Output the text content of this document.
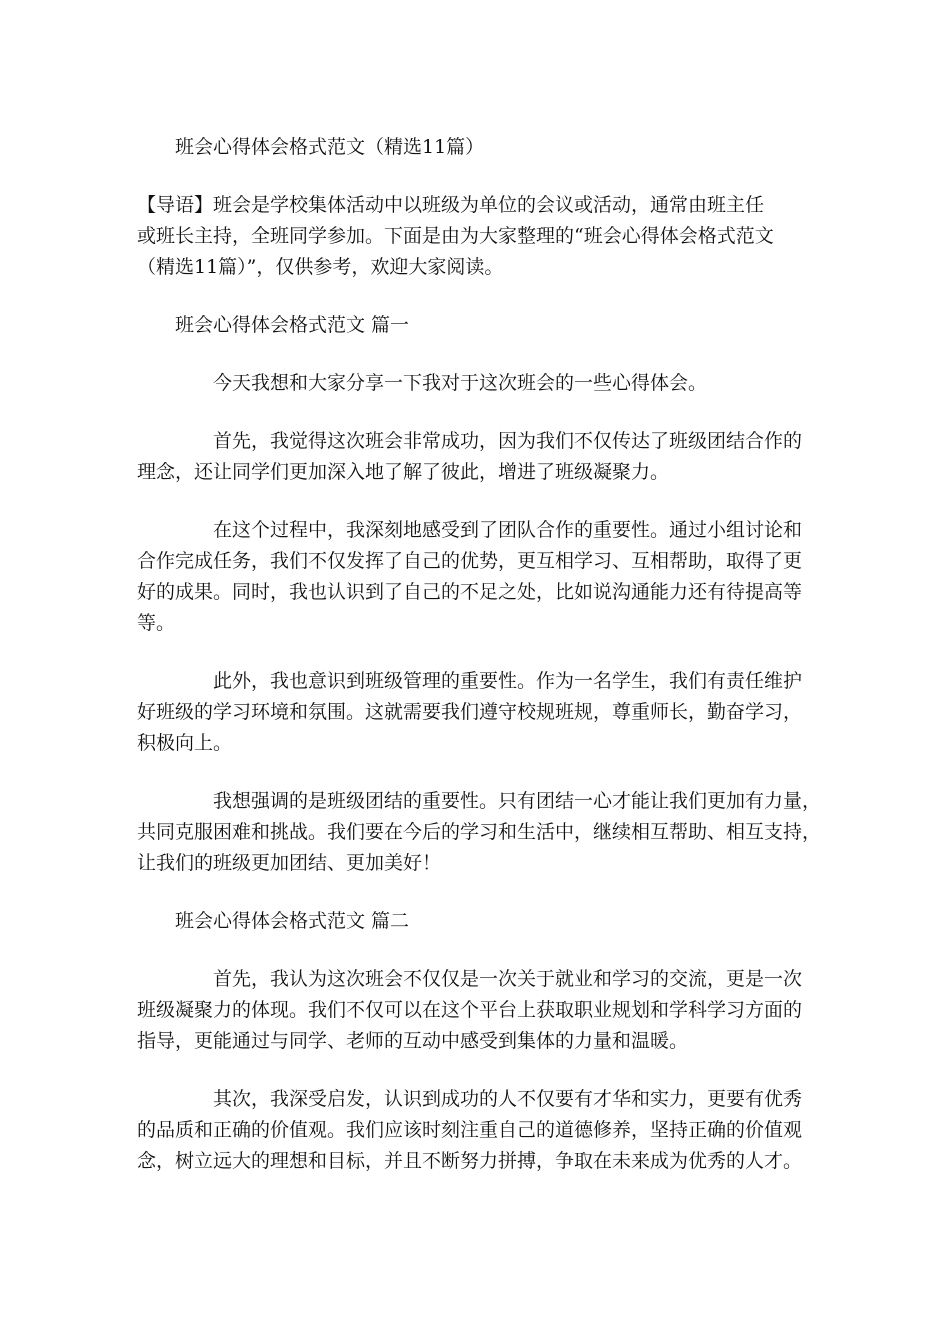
班会心得体会格式范文（精选11篇）
【导语】班会是学校集体活动中以班级为单位的会议或活动，通常由班主任
或班长主持，全班同学参加。下面是由为大家整理的“班会心得体会格式范文
（精选11篇）”，仅供参考，欢迎大家阅读。
班会心得体会格式范文 篇一
今天我想和大家分享一下我对于这次班会的一些心得体会。
首先，我觉得这次班会非常成功，因为我们不仅传达了班级团结合作的
理念，还让同学们更加深入地了解了彼此，增进了班级凝聚力。
在这个过程中，我深刻地感受到了团队合作的重要性。通过小组讨论和
合作完成任务，我们不仅发挥了自己的优势，更互相学习、互相帮助，取得了更
好的成果。同时，我也认识到了自己的不足之处，比如说沟通能力还有待提高等
等。
此外，我也意识到班级管理的重要性。作为一名学生，我们有责任维护
好班级的学习环境和氛围。这就需要我们遵守校规班规，尊重师长，勤奋学习，
积极向上。
我想强调的是班级团结的重要性。只有团结一心才能让我们更加有力量，
共同克服困难和挑战。我们要在今后的学习和生活中，继续相互帮助、相互支持，
让我们的班级更加团结、更加美好！
班会心得体会格式范文 篇二
首先，我认为这次班会不仅仅是一次关于就业和学习的交流，更是一次
班级凝聚力的体现。我们不仅可以在这个平台上获取职业规划和学科学习方面的
指导，更能通过与同学、老师的互动中感受到集体的力量和温暖。
其次，我深受启发，认识到成功的人不仅要有才华和实力，更要有优秀
的品质和正确的价值观。我们应该时刻注重自己的道德修养，坚持正确的价值观
念，树立远大的理想和目标，并且不断努力拼搏，争取在未来成为优秀的人才。
